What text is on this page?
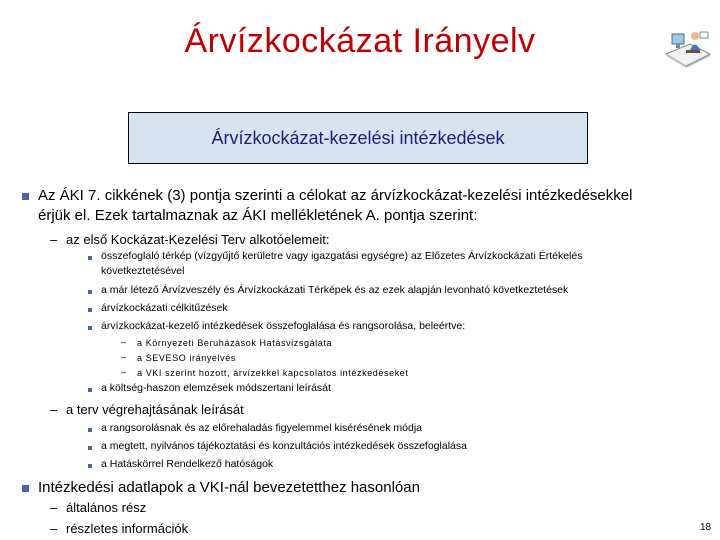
Árvízkockázat Irányelv
Árvízkockázat-kezelési intézkedések
Az ÁKI 7. cikkének (3) pontja szerinti a célokat az árvízkockázat-kezelési intézkedésekkel
érjük el. Ezek tartalmaznak az ÁKI mellékletének A. pontja szerint:
– az első Kockázat-Kezelési Terv alkotóelemeit:
összefoglaló térkép (vízgyűjtő kerületre vagy igazgatási egységre) az Előzetes Árvízkockázati Értékelés
következtetésével
a már létező Árvízveszély és Árvízkockázati Térképek és az ezek alapján levonható következtetések
árvízkockázati célkitűzések
árvízkockázat-kezelő intézkedések összefoglalása és rangsorolása, beleértve:
– a Környezeti Beruházások Hatásvizsgálata
– a SEVESO irányelvés
– a VKI szerint hozott, árvízekkel kapcsolatos intézkedéseket
a költség-haszon elemzések módszertani leírását
– a terv végrehajtásának leírását
a rangsorolásnak és az előrehaladás figyelemmel kisérésének módja
a megtett, nyilvános tájékoztatási és konzultációs intézkedések összefoglalása
a Hatáskörrel Rendelkező hatóságok
Intézkedési adatlapok a VKI-nál bevezetetthez hasonlóan
– általános rész
– részletes információk	18
